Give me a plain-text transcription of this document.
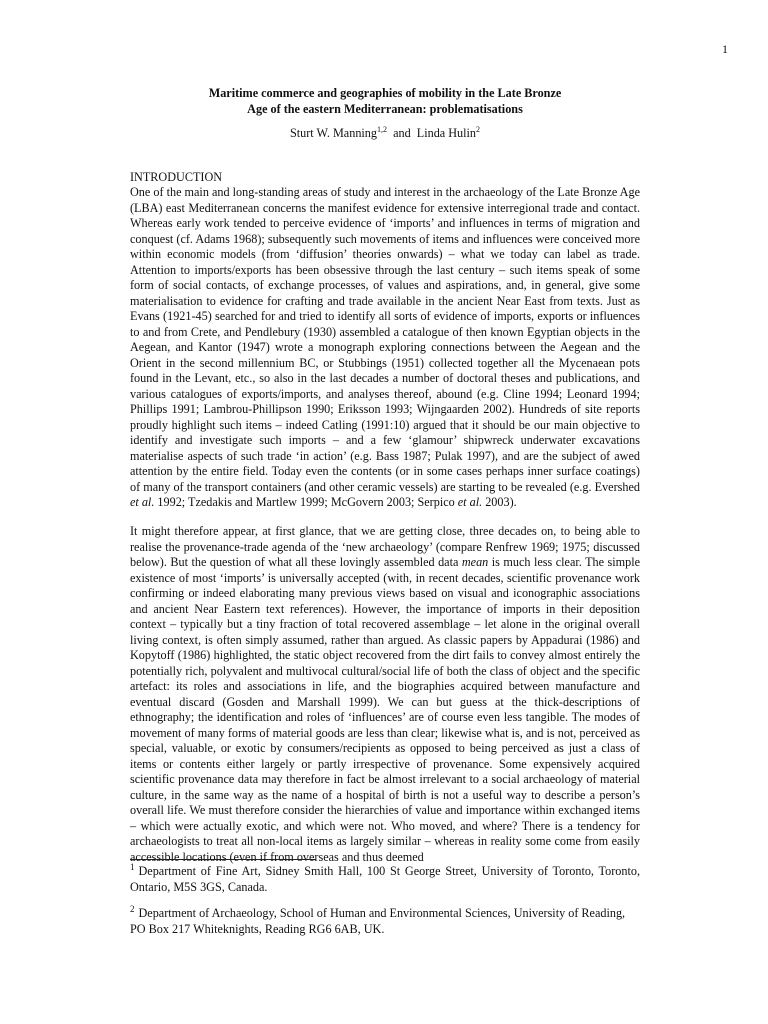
1
Maritime commerce and geographies of mobility in the Late Bronze
Age of the eastern Mediterranean: problematisations
Sturt W. Manning$^{1,2}$ and Linda Hulin$^2$
INTRODUCTION

One of the main and long-standing areas of study and interest in the archaeology of the Late Bronze Age (LBA) east Mediterranean concerns the manifest evidence for extensive interregional trade and contact. Whereas early work tended to perceive evidence of ‘imports’ and influences in terms of migration and conquest (cf. Adams 1968); subsequently such movements of items and influences were conceived more within economic models (from ‘diffusion’ theories onwards) – what we today can label as trade. Attention to imports/exports has been obsessive through the last century – such items speak of some form of social contacts, of exchange processes, of values and aspirations, and, in general, give some materialisation to evidence for crafting and trade available in the ancient Near East from texts. Just as Evans (1921-45) searched for and tried to identify all sorts of evidence of imports, exports or influences to and from Crete, and Pendlebury (1930) assembled a catalogue of then known Egyptian objects in the Aegean, and Kantor (1947) wrote a monograph exploring connections between the Aegean and the Orient in the second millennium BC, or Stubbings (1951) collected together all the Mycenaean pots found in the Levant, etc., so also in the last decades a number of doctoral theses and publications, and various catalogues of exports/imports, and analyses thereof, abound (e.g. Cline 1994; Leonard 1994; Phillips 1991; Lambrou-Phillipson 1990; Eriksson 1993; Wijngaarden 2002). Hundreds of site reports proudly highlight such items – indeed Catling (1991:10) argued that it should be our main objective to identify and investigate such imports – and a few ‘glamour’ shipwreck underwater excavations materialise aspects of such trade ‘in action’ (e.g. Bass 1987; Pulak 1997), and are the subject of awed attention by the entire field. Today even the contents (or in some cases perhaps inner surface coatings) of many of the transport containers (and other ceramic vessels) are starting to be revealed (e.g. Evershed et al. 1992; Tzedakis and Martlew 1999; McGovern 2003; Serpico et al. 2003).

It might therefore appear, at first glance, that we are getting close, three decades on, to being able to realise the provenance-trade agenda of the ‘new archaeology’ (compare Renfrew 1969; 1975; discussed below). But the question of what all these lovingly assembled data mean is much less clear. The simple existence of most ‘imports’ is universally accepted (with, in recent decades, scientific provenance work confirming or indeed elaborating many previous views based on visual and iconographic associations and ancient Near Eastern text references). However, the importance of imports in their deposition context – typically but a tiny fraction of total recovered assemblage – let alone in the original overall living context, is often simply assumed, rather than argued. As classic papers by Appadurai (1986) and Kopytoff (1986) highlighted, the static object recovered from the dirt fails to convey almost entirely the potentially rich, polyvalent and multivocal cultural/social life of both the class of object and the specific artefact: its roles and associations in life, and the biographies acquired between manufacture and eventual discard (Gosden and Marshall 1999). We can but guess at the thick-descriptions of ethnography; the identification and roles of ‘influences’ are of course even less tangible. The modes of movement of many forms of material goods are less than clear; likewise what is, and is not, perceived as special, valuable, or exotic by consumers/recipients as opposed to being perceived as just a class of items or contents either largely or partly irrespective of provenance. Some expensively acquired scientific provenance data may therefore in fact be almost irrelevant to a social archaeology of material culture, in the same way as the name of a hospital of birth is not a useful way to describe a person’s overall life. We must therefore consider the hierarchies of value and importance within exchanged items – which were actually exotic, and which were not. Who moved, and where? There is a tendency for archaeologists to treat all non-local items as largely similar – whereas in reality some come from easily accessible locations (even if from overseas and thus deemed

$^1$ Department of Fine Art, Sidney Smith Hall, 100 St George Street, University of Toronto, Toronto, Ontario, M5S 3GS, Canada.

$^2$ Department of Archaeology, School of Human and Environmental Sciences, University of Reading, PO Box 217 Whiteknights, Reading RG6 6AB, UK.
